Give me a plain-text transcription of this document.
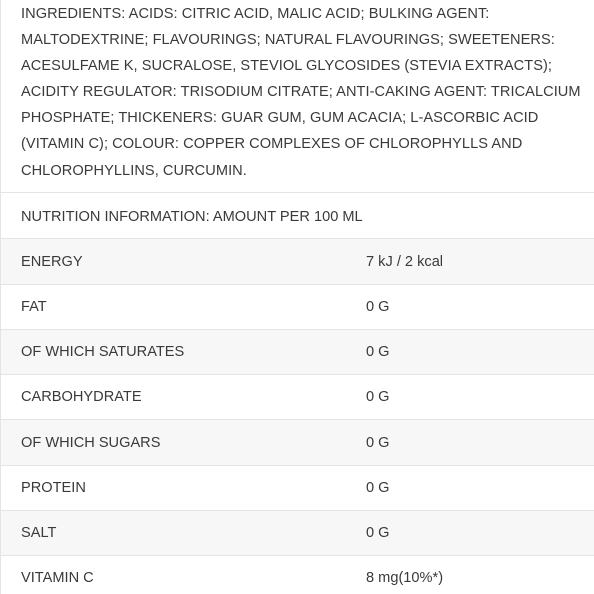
INGREDIENTS: ACIDS: CITRIC ACID, MALIC ACID; BULKING AGENT:
MALTODEXTRINE; FLAVOURINGS; NATURAL FLAVOURINGS; SWEETENERS:
ACESULFAME K, SUCRALOSE, STEVIOL GLYCOSIDES (STEVIA EXTRACTS);
ACIDITY REGULATOR: TRISODIUM CITRATE; ANTI-CAKING AGENT: TRICALCIUM
PHOSPHATE; THICKENERS: GUAR GUM, GUM ACACIA; L-ASCORBIC ACID
(VITAMIN C); COLOUR: COPPER COMPLEXES OF CHLOROPHYLLS AND
CHLOROPHYLLINS, CURCUMIN.
NUTRITION INFORMATION: AMOUNT PER 100 ML
ENERGY	7 kJ / 2 kcal
FAT	0 G
OF WHICH SATURATES	0 G
CARBOHYDRATE	0 G
OF WHICH SUGARS	0 G
PROTEIN	0 G
SALT	0 G
VITAMIN C	8 mg(10%*)
